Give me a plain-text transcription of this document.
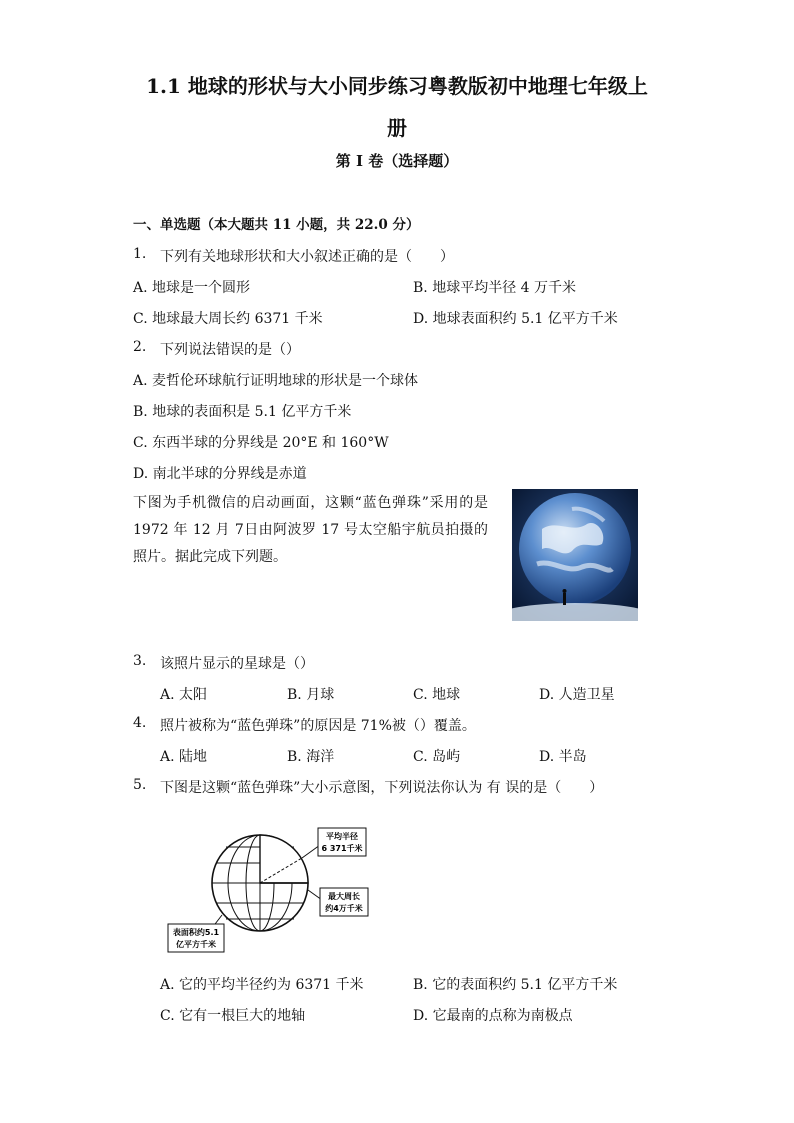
1.1 地球的形状与大小同步练习粤教版初中地理七年级上
册
第 I 卷（选择题）
一、单选题（本大题共 11 小题，共 22.0 分）
1. 下列有关地球形状和大小叙述正确的是（　　）
A. 地球是一个圆形	B. 地球平均半径 4 万千米
C. 地球最大周长约 6371 千米	D. 地球表面积约 5.1 亿平方千米
2. 下列说法错误的是（）
A. 麦哲伦环球航行证明地球的形状是一个球体
B. 地球的表面积是 5.1 亿平方千米
C. 东西半球的分界线是 20°E 和 160°W
D. 南北半球的分界线是赤道
下图为手机微信的启动画面，这颗“蓝色弹珠”采用的是1972 年 12 月 7日由阿波罗 17 号太空船宇航员拍摄的照片。据此完成下列题。
3. 该照片显示的星球是（）
A. 太阳	B. 月球	C. 地球	D. 人造卫星
4. 照片被称为“蓝色弹珠”的原因是 71%被（）覆盖。
A. 陆地	B. 海洋	C. 岛屿	D. 半岛
5. 下图是这颗“蓝色弹珠”大小示意图，下列说法你认为 有 误的是（　　）
平均半径
6 371千米
最大周长
约4万千米
表面积约5.1
亿平方千米
A. 它的平均半径约为 6371 千米	B. 它的表面积约 5.1 亿平方千米
C. 它有一根巨大的地轴	D. 它最南的点称为南极点
